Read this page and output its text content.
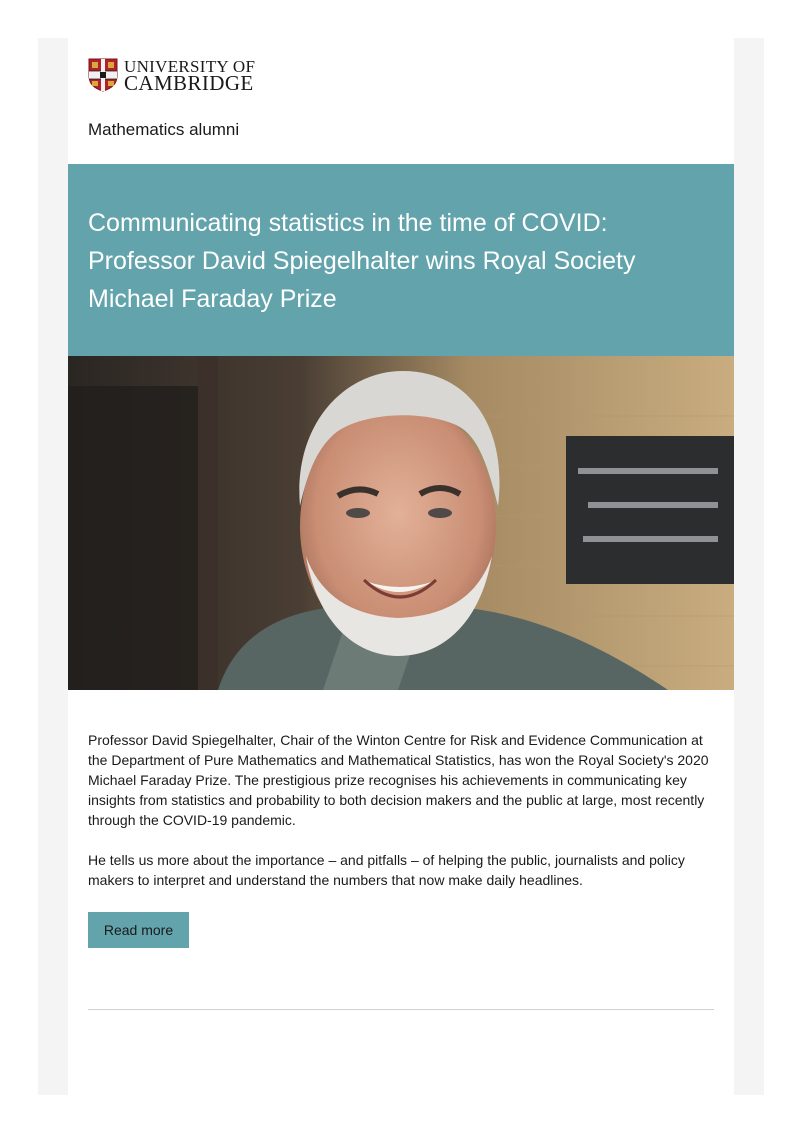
UNIVERSITY OF
CAMBRIDGE
Mathematics alumni
Communicating statistics in the time of COVID: Professor David Spiegelhalter wins Royal Society Michael Faraday Prize

Professor David Spiegelhalter, Chair of the Winton Centre for Risk and Evidence Communication at the Department of Pure Mathematics and Mathematical Statistics, has won the Royal Society's 2020 Michael Faraday Prize. The prestigious prize recognises his achievements in communicating key insights from statistics and probability to both decision makers and the public at large, most recently through the COVID-19 pandemic.

He tells us more about the importance – and pitfalls – of helping the public, journalists and policy makers to interpret and understand the numbers that now make daily headlines.

Read more
